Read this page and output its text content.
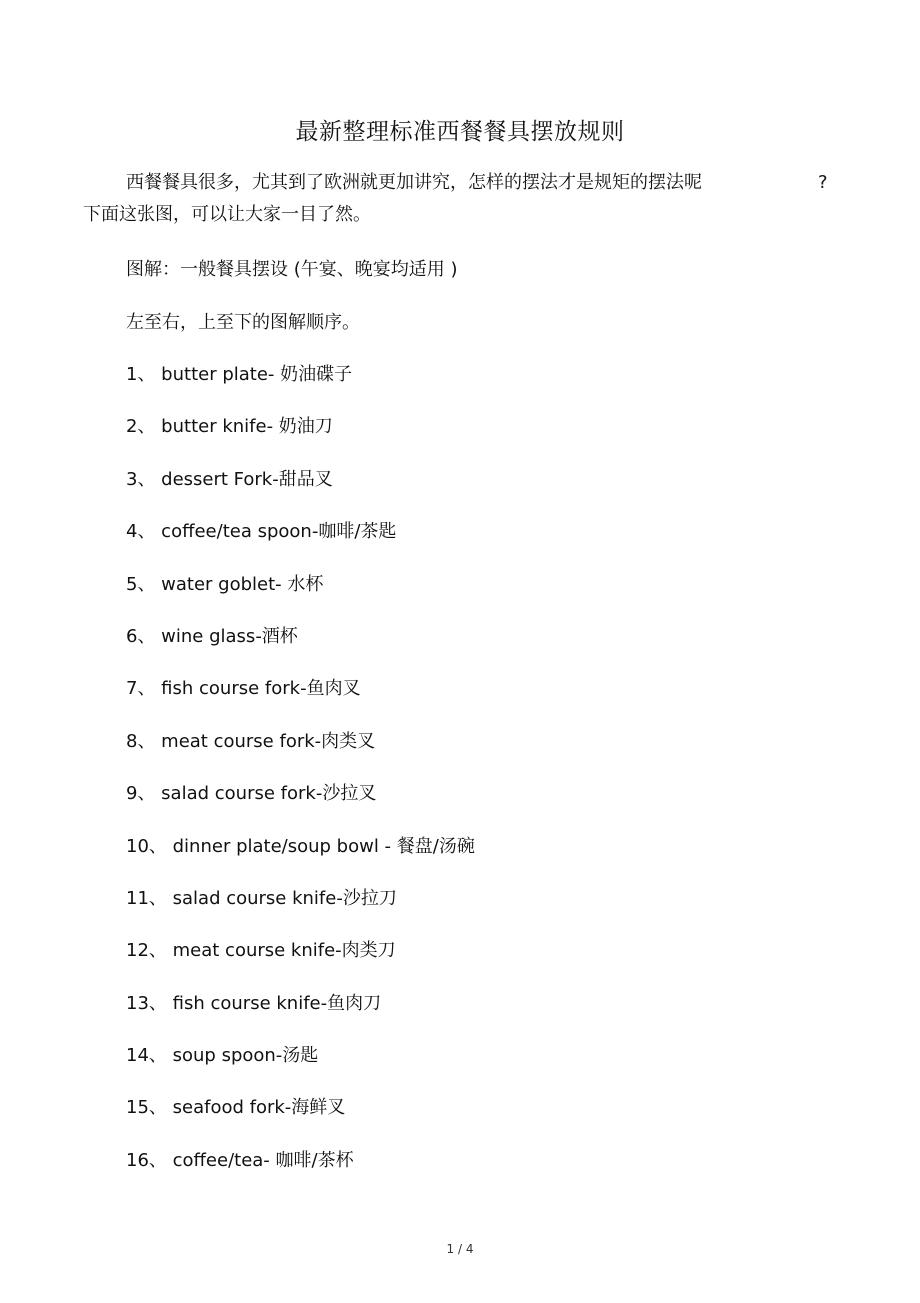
最新整理标准西餐餐具摆放规则
西餐餐具很多，尤其到了欧洲就更加讲究，怎样的摆法才是规矩的摆法呢	?
下面这张图，可以让大家一目了然。
图解：一般餐具摆设 (午宴、晚宴均适用 )
左至右，上至下的图解顺序。
1、 butter plate- 奶油碟子
2、 butter knife- 奶油刀
3、 dessert Fork-甜品叉
4、 coffee/tea spoon-咖啡/茶匙
5、 water goblet- 水杯
6、 wine glass-酒杯
7、 fish course fork-鱼肉叉
8、 meat course fork-肉类叉
9、 salad course fork-沙拉叉
10、 dinner plate/soup bowl - 餐盘/汤碗
11、 salad course knife-沙拉刀
12、 meat course knife-肉类刀
13、 fish course knife-鱼肉刀
14、 soup spoon-汤匙
15、 seafood fork-海鲜叉
16、 coffee/tea- 咖啡/茶杯
1 / 4
